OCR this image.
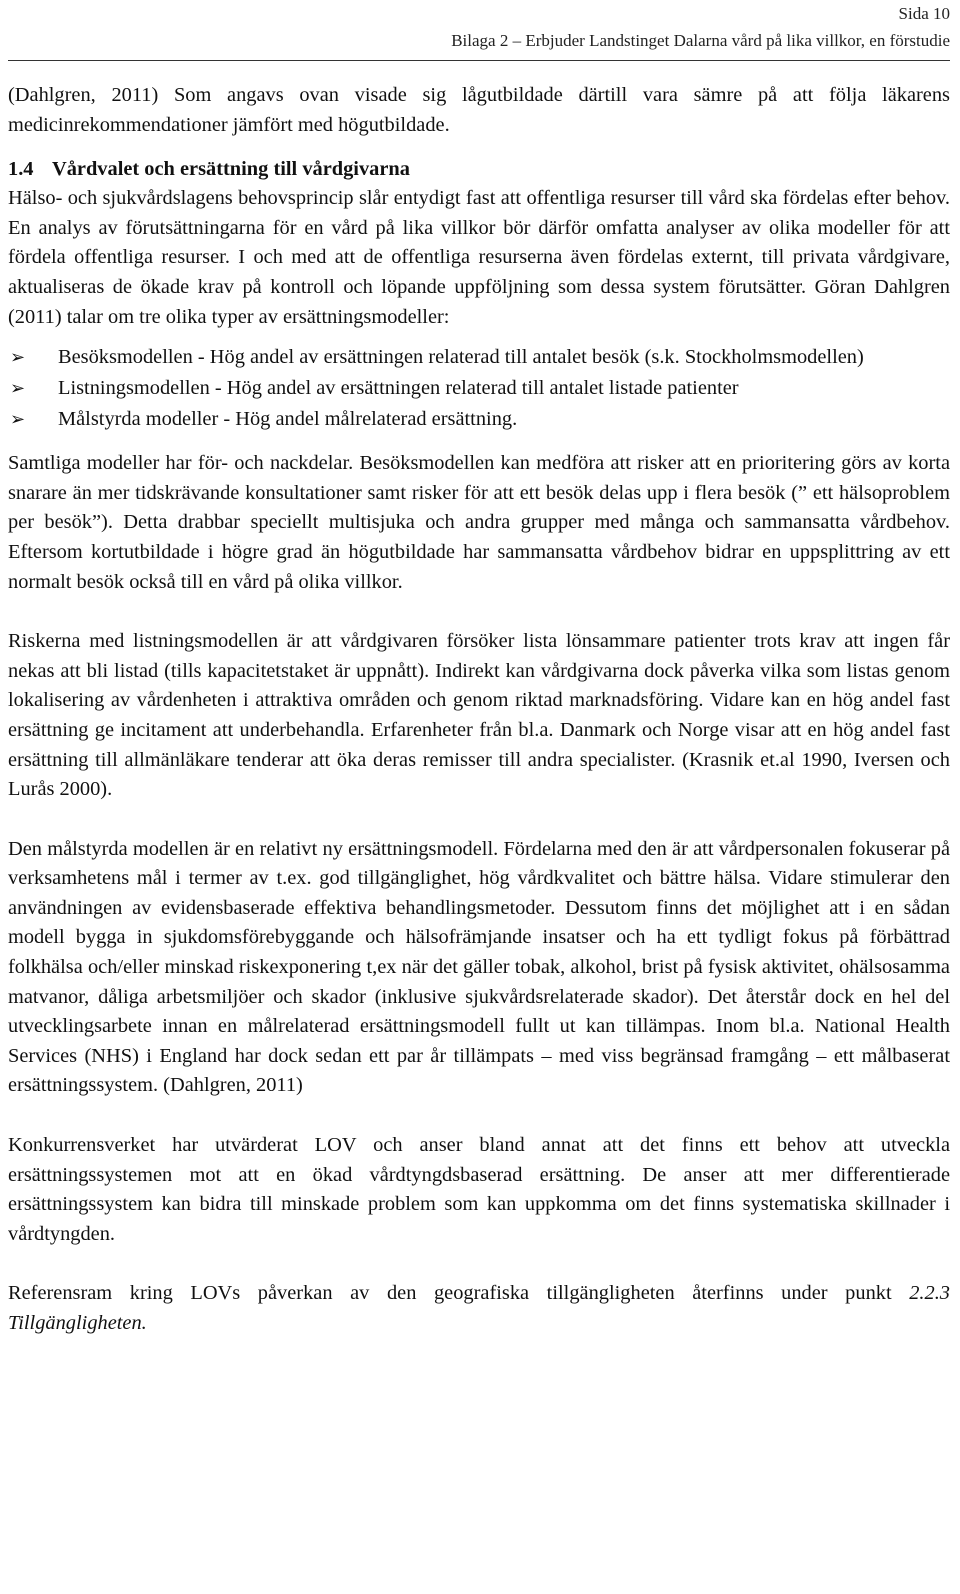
Sida 10
Bilaga 2 – Erbjuder Landstinget Dalarna vård på lika villkor, en förstudie

(Dahlgren, 2011) Som angavs ovan visade sig lågutbildade därtill vara sämre på att följa läkarens medicinrekommendationer jämfört med högutbildade.

1.4 Vårdvalet och ersättning till vårdgivarna

Hälso- och sjukvårdslagens behovsprincip slår entydigt fast att offentliga resurser till vård ska fördelas efter behov. En analys av förutsättningarna för en vård på lika villkor bör därför omfatta analyser av olika modeller för att fördela offentliga resurser. I och med att de offentliga resurserna även fördelas externt, till privata vårdgivare, aktualiseras de ökade krav på kontroll och löpande uppföljning som dessa system förutsätter. Göran Dahlgren (2011) talar om tre olika typer av ersättningsmodeller:

➢	Besöksmodellen - Hög andel av ersättningen relaterad till antalet besök (s.k. Stockholmsmodellen)
➢	Listningsmodellen - Hög andel av ersättningen relaterad till antalet listade patienter
➢	Målstyrda modeller - Hög andel målrelaterad ersättning.

Samtliga modeller har för- och nackdelar. Besöksmodellen kan medföra att risker att en prioritering görs av korta snarare än mer tidskrävande konsultationer samt risker för att ett besök delas upp i flera besök (” ett hälsoproblem per besök”). Detta drabbar speciellt multisjuka och andra grupper med många och sammansatta vårdbehov. Eftersom kortutbildade i högre grad än högutbildade har sammansatta vårdbehov bidrar en uppsplittring av ett normalt besök också till en vård på olika villkor.

Riskerna med listningsmodellen är att vårdgivaren försöker lista lönsammare patienter trots krav att ingen får nekas att bli listad (tills kapacitetstaket är uppnått). Indirekt kan vårdgivarna dock påverka vilka som listas genom lokalisering av vårdenheten i attraktiva områden och genom riktad marknadsföring. Vidare kan en hög andel fast ersättning ge incitament att underbehandla. Erfarenheter från bl.a. Danmark och Norge visar att en hög andel fast ersättning till allmänläkare tenderar att öka deras remisser till andra specialister. (Krasnik et.al 1990, Iversen och Lurås 2000).

Den målstyrda modellen är en relativt ny ersättningsmodell. Fördelarna med den är att vårdpersonalen fokuserar på verksamhetens mål i termer av t.ex. god tillgänglighet, hög vårdkvalitet och bättre hälsa. Vidare stimulerar den användningen av evidensbaserade effektiva behandlingsmetoder. Dessutom finns det möjlighet att i en sådan modell bygga in sjukdomsförebyggande och hälsofrämjande insatser och ha ett tydligt fokus på förbättrad folkhälsa och/eller minskad riskexponering t,ex när det gäller tobak, alkohol, brist på fysisk aktivitet, ohälsosamma matvanor, dåliga arbetsmiljöer och skador (inklusive sjukvårdsrelaterade skador). Det återstår dock en hel del utvecklingsarbete innan en målrelaterad ersättningsmodell fullt ut kan tillämpas. Inom bl.a. National Health Services (NHS) i England har dock sedan ett par år tillämpats – med viss begränsad framgång – ett målbaserat ersättningssystem. (Dahlgren, 2011)

Konkurrensverket har utvärderat LOV och anser bland annat att det finns ett behov att utveckla ersättningssystemen mot att en ökad vårdtyngdsbaserad ersättning. De anser att mer differentierade ersättningssystem kan bidra till minskade problem som kan uppkomma om det finns systematiska skillnader i vårdtyngden.

Referensram kring LOVs påverkan av den geografiska tillgängligheten återfinns under punkt 2.2.3 Tillgängligheten.
